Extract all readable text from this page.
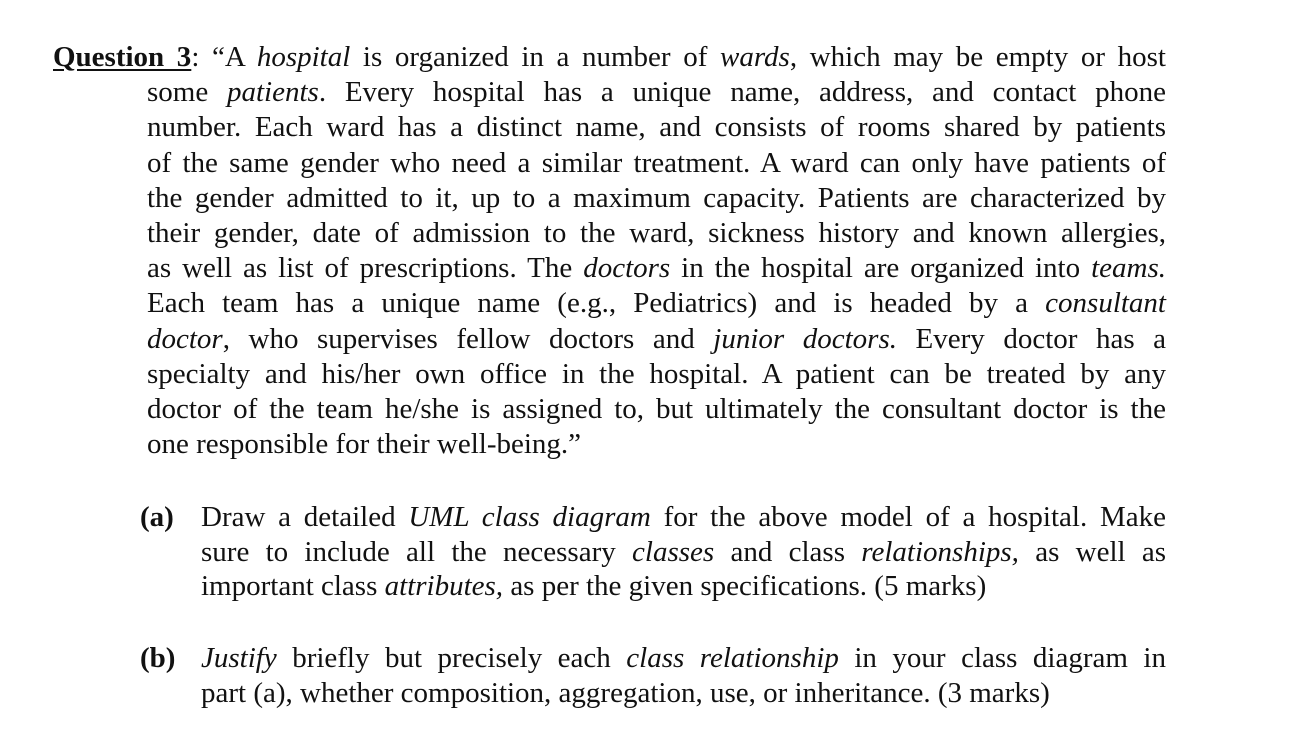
Question 3: “A hospital is organized in a number of wards, which may be empty or host
some patients. Every hospital has a unique name, address, and contact phone
number. Each ward has a distinct name, and consists of rooms shared by patients
of the same gender who need a similar treatment. A ward can only have patients of
the gender admitted to it, up to a maximum capacity. Patients are characterized by
their gender, date of admission to the ward, sickness history and known allergies,
as well as list of prescriptions. The doctors in the hospital are organized into teams.
Each team has a unique name (e.g., Pediatrics) and is headed by a consultant
doctor, who supervises fellow doctors and junior doctors. Every doctor has a
specialty and his/her own office in the hospital. A patient can be treated by any
doctor of the team he/she is assigned to, but ultimately the consultant doctor is the
one responsible for their well-being.”
(a) Draw a detailed UML class diagram for the above model of a hospital. Make
sure to include all the necessary classes and class relationships, as well as
important class attributes, as per the given specifications. (5 marks)
(b) Justify briefly but precisely each class relationship in your class diagram in
part (a), whether composition, aggregation, use, or inheritance. (3 marks)
